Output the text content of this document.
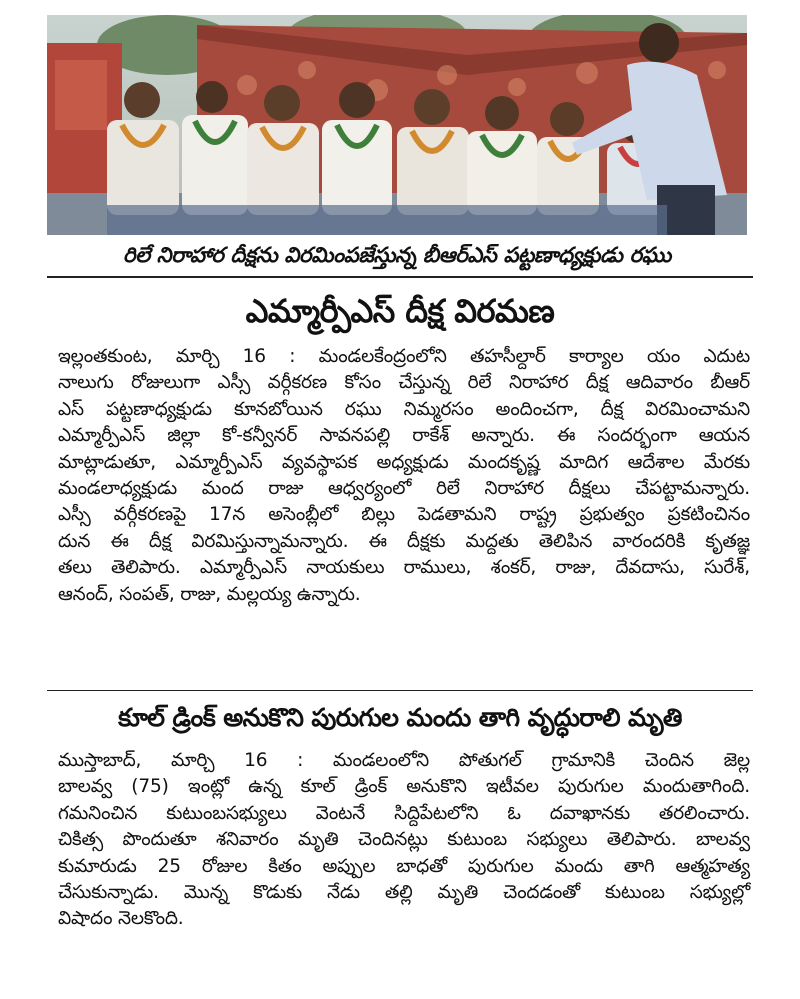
రిలే నిరాహార దీక్షను విరమింపజేస్తున్న బీఆర్ఎస్ పట్టణాధ్యక్షుడు రఘు
ఎమ్మార్పీఎస్ దీక్ష విరమణ
ఇల్లంతకుంట, మార్చి 16 : మండలకేంద్రంలోని తహసీల్దార్ కార్యాల యం ఎదుట
నాలుగు రోజులుగా ఎస్సీ వర్గీకరణ కోసం చేస్తున్న రిలే నిరాహార దీక్ష ఆదివారం బీఆర్
ఎస్ పట్టణాధ్యక్షుడు కూనబోయిన రఘు నిమ్మరసం అందించగా, దీక్ష విరమించామని
ఎమ్మార్పీఎస్ జిల్లా కో-కన్వీనర్ సావనపల్లి రాకేశ్ అన్నారు. ఈ సందర్భంగా ఆయన
మాట్లాడుతూ, ఎమ్మార్పీఎస్ వ్యవస్థాపక అధ్యక్షుడు మందకృష్ణ మాదిగ ఆదేశాల మేరకు
మండలాధ్యక్షుడు మంద రాజు ఆధ్వర్యంలో రిలే నిరాహార దీక్షలు చేపట్టామన్నారు.
ఎస్సీ వర్గీకరణపై 17న అసెంబ్లీలో బిల్లు పెడతామని రాష్ట్ర ప్రభుత్వం ప్రకటించినం
దున ఈ దీక్ష విరమిస్తున్నామన్నారు. ఈ దీక్షకు మద్దతు తెలిపిన వారందరికి కృతజ్ఞ
తలు తెలిపారు. ఎమ్మార్పీఎస్ నాయకులు రాములు, శంకర్, రాజు, దేవదాసు, సురేశ్,
ఆనంద్, సంపత్, రాజు, మల్లయ్య ఉన్నారు.
కూల్ డ్రింక్ అనుకొని పురుగుల మందు తాగి వృద్ధురాలి మృతి
ముస్తాబాద్, మార్చి 16 : మండలంలోని పోతుగల్ గ్రామానికి చెందిన జెల్ల
బాలవ్వ (75) ఇంట్లో ఉన్న కూల్ డ్రింక్ అనుకొని ఇటీవల పురుగుల మందుతాగింది.
గమనించిన కుటుంబసభ్యులు వెంటనే సిద్దిపేటలోని ఓ దవాఖానకు తరలించారు.
చికిత్స పొందుతూ శనివారం మృతి చెందినట్లు కుటుంబ సభ్యులు తెలిపారు. బాలవ్వ
కుమారుడు 25 రోజుల కితం అప్పుల బాధతో పురుగుల మందు తాగి ఆత్మహత్య
చేసుకున్నాడు. మొన్న కొడుకు నేడు తల్లి మృతి చెందడంతో కుటుంబ సభ్యుల్లో
విషాదం నెలకొంది.
